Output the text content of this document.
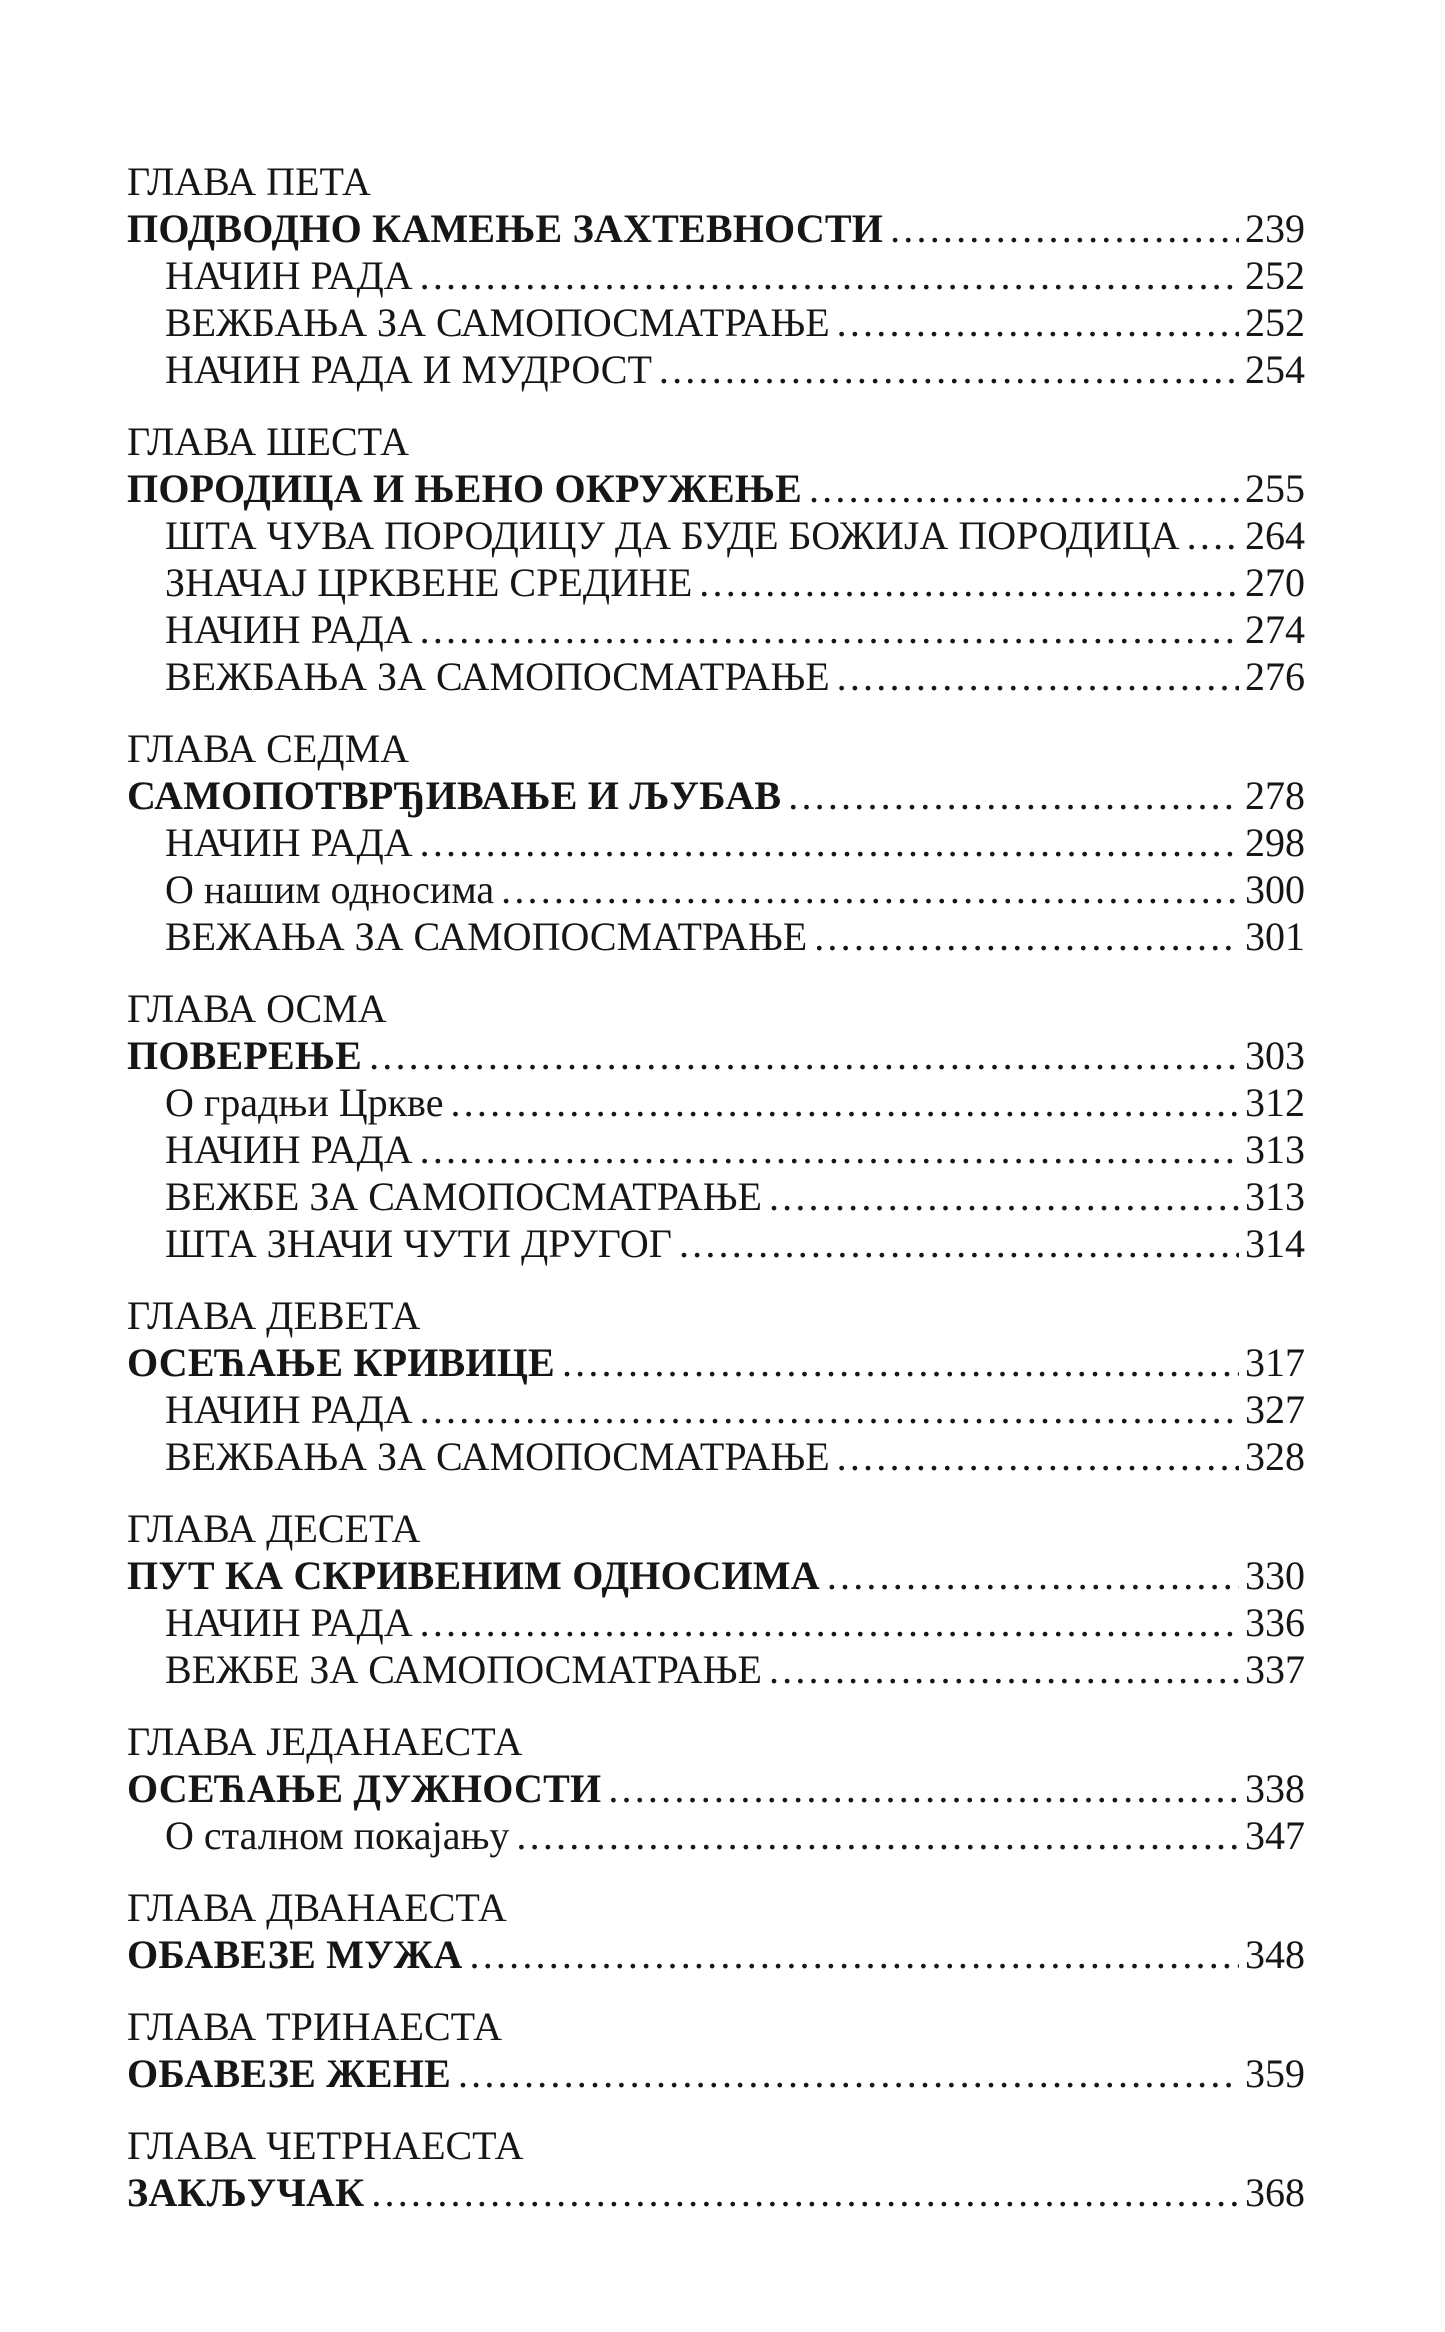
ГЛАВА ПЕТА
ПОДВОДНО КАМЕЊЕ ЗАХТЕВНОСТИ .....	239
НАЧИН РАДА .....	252
ВЕЖБАЊА ЗА САМОПОСМАТРАЊЕ .....	252
НАЧИН РАДА И МУДРОСТ .....	254
ГЛАВА ШЕСТА
ПОРОДИЦА И ЊЕНО ОКРУЖЕЊЕ .....	255
ШТА ЧУВА ПОРОДИЦУ ДА БУДЕ БОЖИЈА ПОРОДИЦА ..... 264
ЗНАЧАЈ ЦРКВЕНЕ СРЕДИНЕ .....	270
НАЧИН РАДА .....	274
ВЕЖБАЊА ЗА САМОПОСМАТРАЊЕ .....	276
ГЛАВА СЕДМА
САМОПОТВРЂИВАЊЕ И ЉУБАВ .....	278
НАЧИН РАДА .....	298
О нашим односима .....	300
ВЕЖАЊА ЗА САМОПОСМАТРАЊЕ .....	301
ГЛАВА ОСМА
ПОВЕРЕЊЕ .....	303
О градњи Цркве .....	312
НАЧИН РАДА .....	313
ВЕЖБЕ ЗА САМОПОСМАТРАЊЕ .....	313
ШТА ЗНАЧИ ЧУТИ ДРУГОГ .....	314
ГЛАВА ДЕВЕТА
ОСЕЋАЊЕ КРИВИЦЕ .....	317
НАЧИН РАДА .....	327
ВЕЖБАЊА ЗА САМОПОСМАТРАЊЕ .....	328
ГЛАВА ДЕСЕТА
ПУТ КА СКРИВЕНИМ ОДНОСИМА .....	330
НАЧИН РАДА .....	336
ВЕЖБЕ ЗА САМОПОСМАТРАЊЕ .....	337
ГЛАВА ЈЕДАНАЕСТА
ОСЕЋАЊЕ ДУЖНОСТИ .....	338
О сталном покајању .....	347
ГЛАВА ДВАНАЕСТА
ОБАВЕЗЕ МУЖА .....	348
ГЛАВА ТРИНАЕСТА
ОБАВЕЗЕ ЖЕНЕ .....	359
ГЛАВА ЧЕТРНАЕСТА
ЗАКЉУЧАК .....	368
